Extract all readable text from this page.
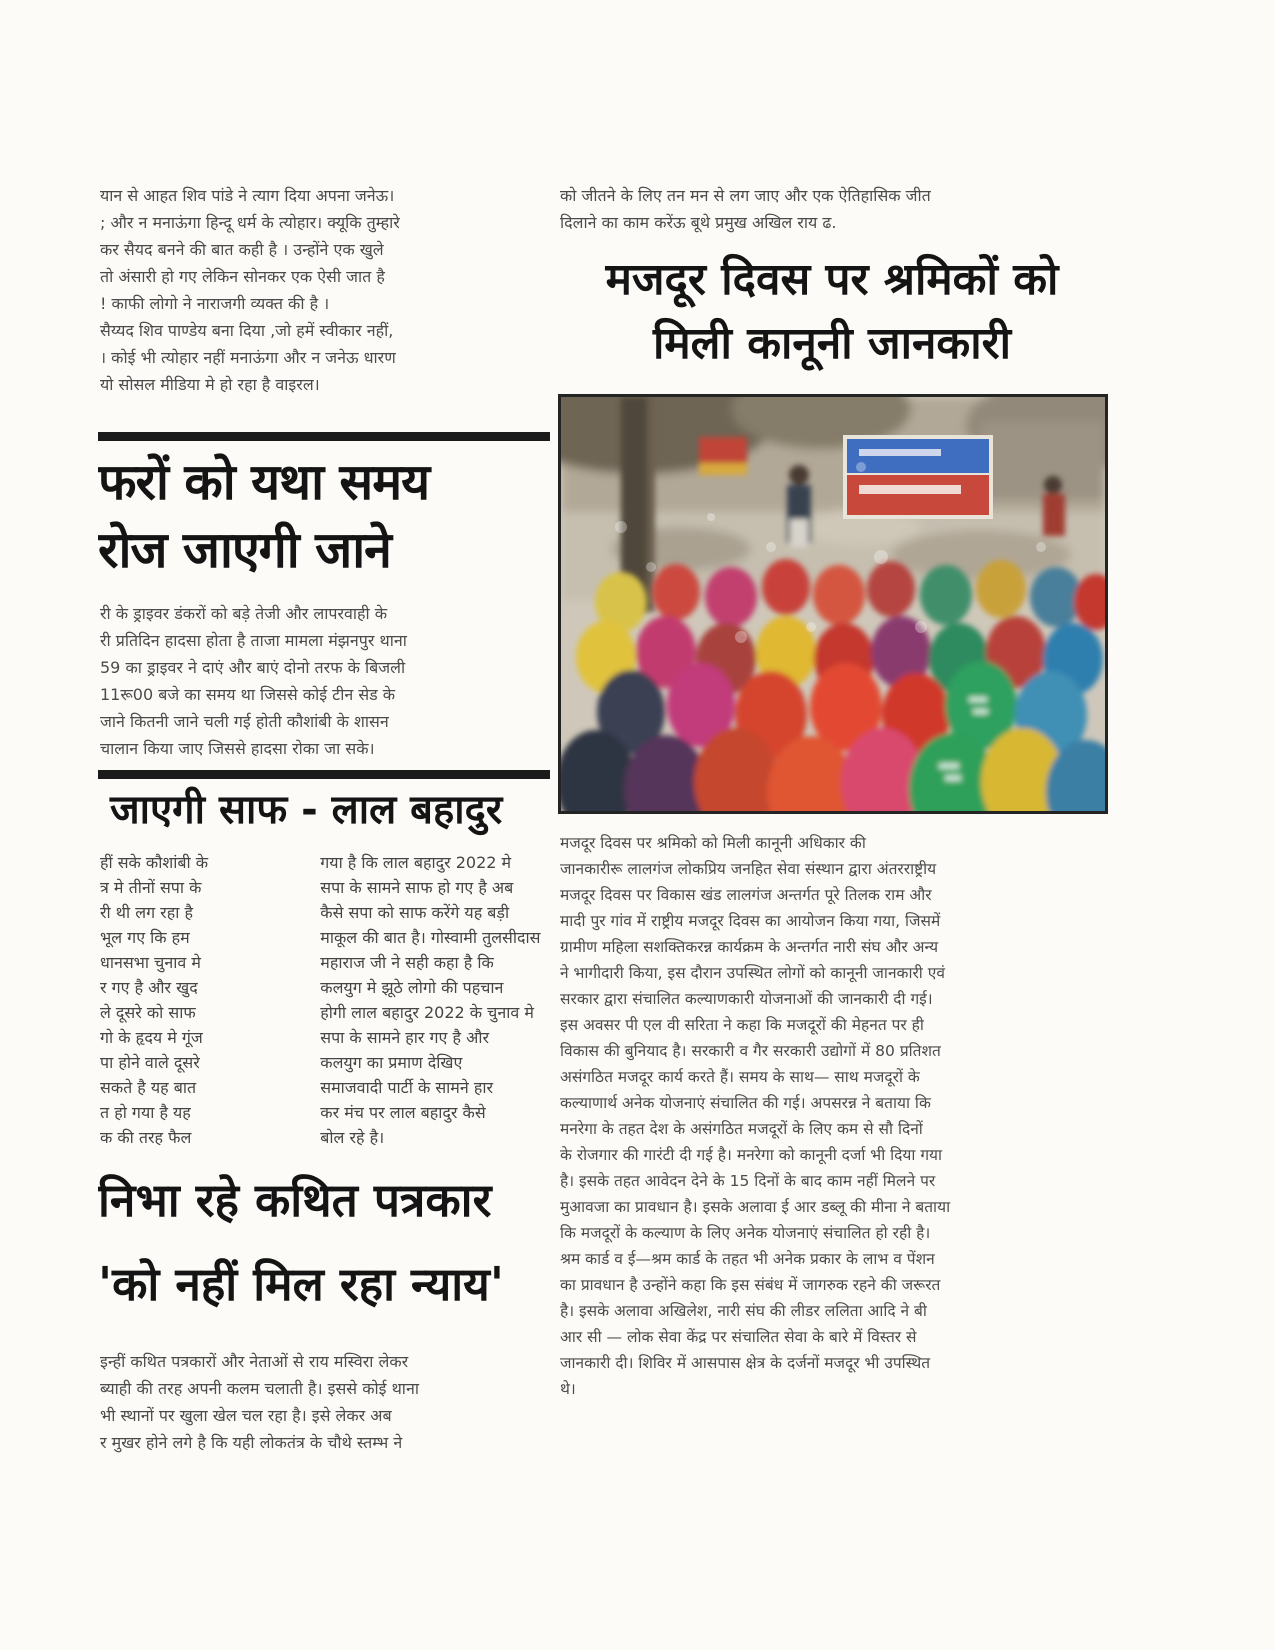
यान से आहत शिव पांडे ने त्याग दिया अपना जनेऊ।
; और न मनाऊंगा हिन्दू धर्म के त्योहार। क्यूकि तुम्हारे
कर सैयद बनने की बात कही है । उन्होंने एक खुले
तो अंसारी हो गए लेकिन सोनकर एक ऐसी जात है
! काफी लोगो ने नाराजगी व्यक्त की है ।
सैय्यद शिव पाण्डेय बना दिया ,जो हमें स्वीकार नहीं,
। कोई भी त्योहार नहीं मनाऊंगा और न जनेऊ धारण
यो सोसल मीडिया मे हो रहा है वाइरल।
फरों को यथा समय
रोज जाएगी जाने
री के ड्राइवर डंकरों को बड़े तेजी और लापरवाही के
री प्रतिदिन हादसा होता है ताजा मामला मंझनपुर थाना
59 का ड्राइवर ने दाएं और बाएं दोनो तरफ के बिजली
11रू00 बजे का समय था जिससे कोई टीन सेड के
जाने कितनी जाने चली गई होती कौशांबी के शासन
चालान किया जाए जिससे हादसा रोका जा सके।
जाएगी साफ - लाल बहादुर
हीं सके कौशांबी के
त्र मे तीनों सपा के
री थी लग रहा है
भूल गए कि हम
धानसभा चुनाव मे
र गए है और खुद
ले दूसरे को साफ
गो के हृदय मे गूंज
पा होने वाले दूसरे
सकते है यह बात
त हो गया है यह
क की तरह फैल
गया है कि लाल बहादुर 2022 मे
सपा के सामने साफ हो गए है अब
कैसे सपा को साफ करेंगे यह बड़ी
माकूल की बात है। गोस्वामी तुलसीदास
महाराज जी ने सही कहा है कि
कलयुग मे झूठे लोगो की पहचान
होगी लाल बहादुर 2022 के चुनाव मे
सपा के सामने हार गए है और
कलयुग का प्रमाण देखिए
समाजवादी पार्टी के सामने हार
कर मंच पर लाल बहादुर कैसे
बोल रहे है।
निभा रहे कथित पत्रकार
'को नहीं मिल रहा न्याय'
इन्हीं कथित पत्रकारों और नेताओं से राय मस्विरा लेकर
ब्याही की तरह अपनी कलम चलाती है। इससे कोई थाना
भी स्थानों पर खुला खेल चल रहा है। इसे लेकर अब
र मुखर होने लगे है कि यही लोकतंत्र के चौथे स्तम्भ ने
को जीतने के लिए तन मन से लग जाए और एक ऐतिहासिक जीत
दिलाने का काम करेंऊ बूथे प्रमुख अखिल राय ढ.
मजदूर दिवस पर श्रमिकों को
मिली कानूनी जानकारी
मजदूर दिवस पर श्रमिको को मिली कानूनी अधिकार की
जानकारीरू लालगंज लोकप्रिय जनहित सेवा संस्थान द्वारा अंतरराष्ट्रीय
मजदूर दिवस पर विकास खंड लालगंज अन्तर्गत पूरे तिलक राम और
मादी पुर गांव में राष्ट्रीय मजदूर दिवस का आयोजन किया गया, जिसमें
ग्रामीण महिला सशक्तिकरन्न कार्यक्रम के अन्तर्गत नारी संघ और अन्य
ने भागीदारी किया, इस दौरान उपस्थित लोगों को कानूनी जानकारी एवं
सरकार द्वारा संचालित कल्याणकारी योजनाओं की जानकारी दी गई।
इस अवसर पी एल वी सरिता ने कहा कि मजदूरों की मेहनत पर ही
विकास की बुनियाद है। सरकारी व गैर सरकारी उद्योगों में 80 प्रतिशत
असंगठित मजदूर कार्य करते हैं। समय के साथ— साथ मजदूरों के
कल्याणार्थ अनेक योजनाएं संचालित की गई। अपसरन्न ने बताया कि
मनरेगा के तहत देश के असंगठित मजदूरों के लिए कम से सौ दिनों
के रोजगार की गारंटी दी गई है। मनरेगा को कानूनी दर्जा भी दिया गया
है। इसके तहत आवेदन देने के 15 दिनों के बाद काम नहीं मिलने पर
मुआवजा का प्रावधान है। इसके अलावा ई आर डब्लू की मीना ने बताया
कि मजदूरों के कल्याण के लिए अनेक योजनाएं संचालित हो रही है।
श्रम कार्ड व ई—श्रम कार्ड के तहत भी अनेक प्रकार के लाभ व पेंशन
का प्रावधान है उन्होंने कहा कि इस संबंध में जागरुक रहने की जरूरत
है। इसके अलावा अखिलेश, नारी संघ की लीडर ललिता आदि ने बी
आर सी — लोक सेवा केंद्र पर संचालित सेवा के बारे में विस्तर से
जानकारी दी। शिविर में आसपास क्षेत्र के दर्जनों मजदूर भी उपस्थित
थे।
